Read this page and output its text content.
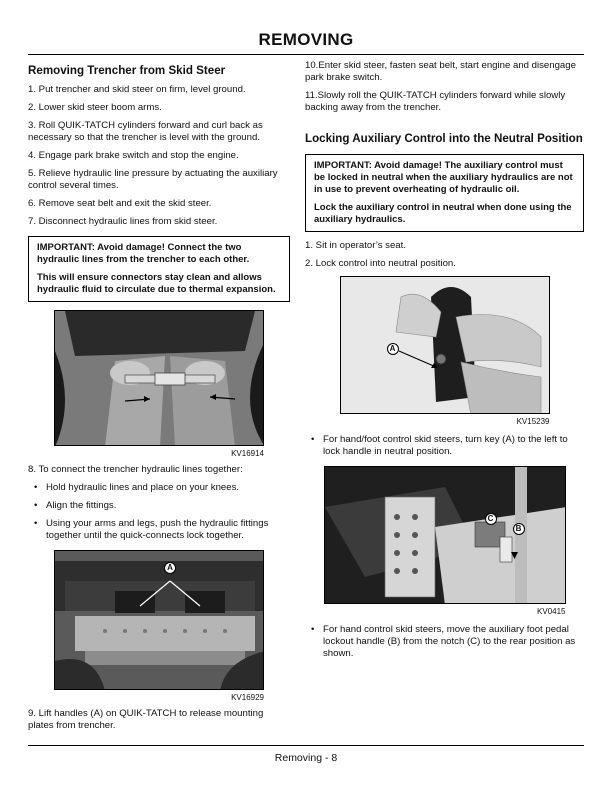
REMOVING
Removing Trencher from Skid Steer
1. Put trencher and skid steer on firm, level ground.
2. Lower skid steer boom arms.
3. Roll QUIK-TATCH cylinders forward and curl back as necessary so that the trencher is level with the ground.
4. Engage park brake switch and stop the engine.
5. Relieve hydraulic line pressure by actuating the auxiliary control several times.
6. Remove seat belt and exit the skid steer.
7. Disconnect hydraulic lines from skid steer.

IMPORTANT: Avoid damage! Connect the two hydraulic lines from the trencher to each other.

This will ensure connectors stay clean and allows hydraulic fluid to circulate due to thermal expansion.

KV16914
8. To connect the trencher hydraulic lines together:
• Hold hydraulic lines and place on your knees.
• Align the fittings.
• Using your arms and legs, push the hydraulic fittings together until the quick-connects lock together.
A
KV16929
9. Lift handles (A) on QUIK-TATCH to release mounting plates from trencher.
10.Enter skid steer, fasten seat belt, start engine and disengage park brake switch.
11.Slowly roll the QUIK-TATCH cylinders forward while slowly backing away from the trencher.
Locking Auxiliary Control into the Neutral Position

IMPORTANT: Avoid damage! The auxiliary control must be locked in neutral when the auxiliary hydraulics are not in use to prevent overheating of hydraulic oil.

Lock the auxiliary control in neutral when done using the auxiliary hydraulics.

1. Sit in operator’s seat.
2. Lock control into neutral position.
A
KV15239
• For hand/foot control skid steers, turn key (A) to the left to lock handle in neutral position.
C
B
KV0415
• For hand control skid steers, move the auxiliary foot pedal lockout handle (B) from the notch (C) to the rear position as shown.
Removing - 8
